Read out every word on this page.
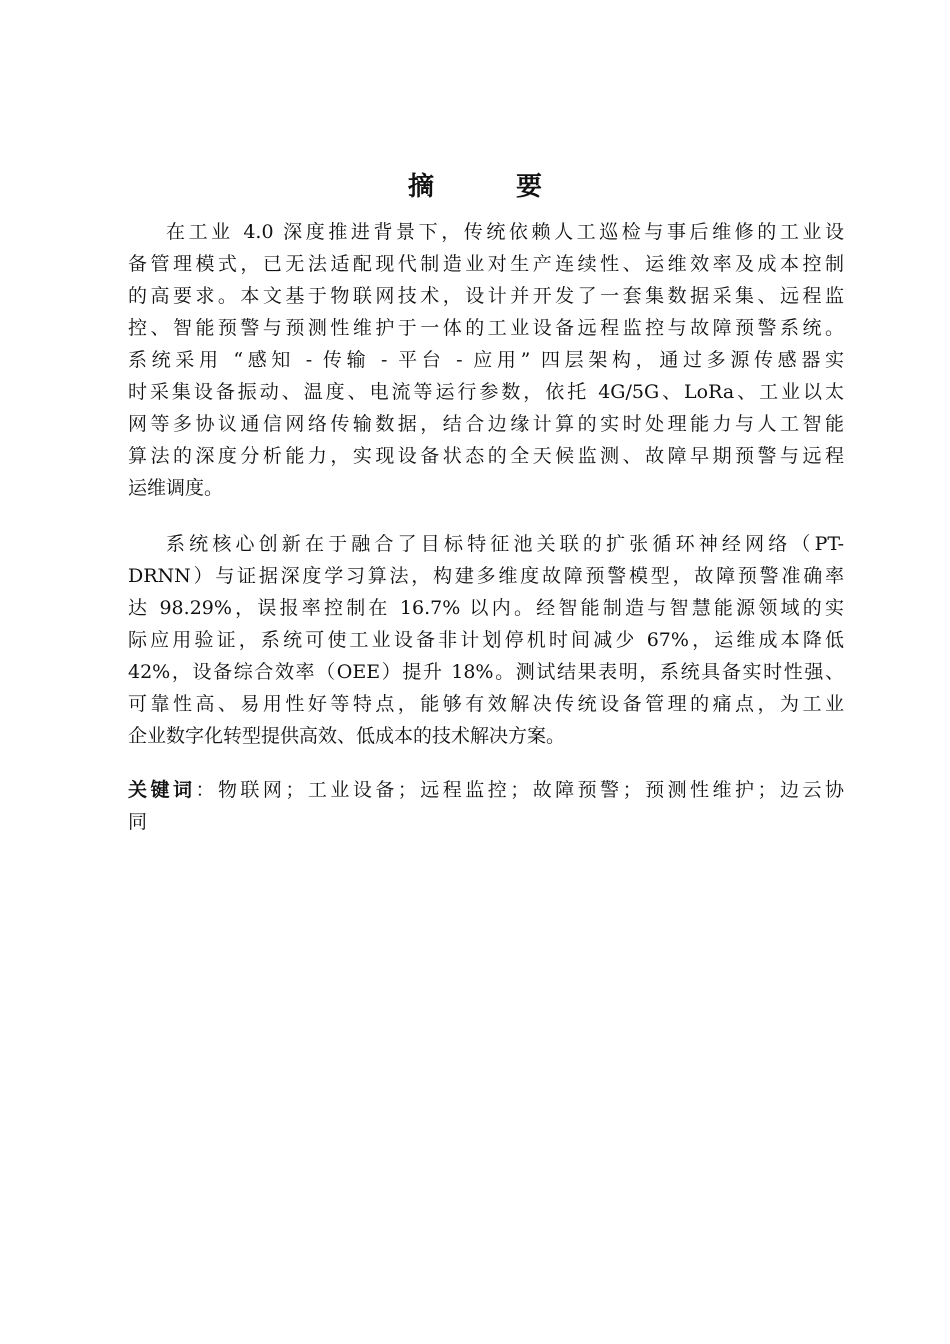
摘　要
在工业 4.0 深度推进背景下，传统依赖人工巡检与事后维修的工业设
备管理模式，已无法适配现代制造业对生产连续性、运维效率及成本控制
的高要求。本文基于物联网技术，设计并开发了一套集数据采集、远程监
控、智能预警与预测性维护于一体的工业设备远程监控与故障预警系统。
系统采用 “感知 - 传输 - 平台 - 应用” 四层架构，通过多源传感器实
时采集设备振动、温度、电流等运行参数，依托 4G/5G、LoRa、工业以太
网等多协议通信网络传输数据，结合边缘计算的实时处理能力与人工智能
算法的深度分析能力，实现设备状态的全天候监测、故障早期预警与远程
运维调度。
系统核心创新在于融合了目标特征池关联的扩张循环神经网络（PT-
DRNN）与证据深度学习算法，构建多维度故障预警模型，故障预警准确率
达 98.29%，误报率控制在 16.7% 以内。经智能制造与智慧能源领域的实
际应用验证，系统可使工业设备非计划停机时间减少 67%，运维成本降低
42%，设备综合效率（OEE）提升 18%。测试结果表明，系统具备实时性强、
可靠性高、易用性好等特点，能够有效解决传统设备管理的痛点，为工业
企业数字化转型提供高效、低成本的技术解决方案。
关键词：物联网；工业设备；远程监控；故障预警；预测性维护；边云协
同
